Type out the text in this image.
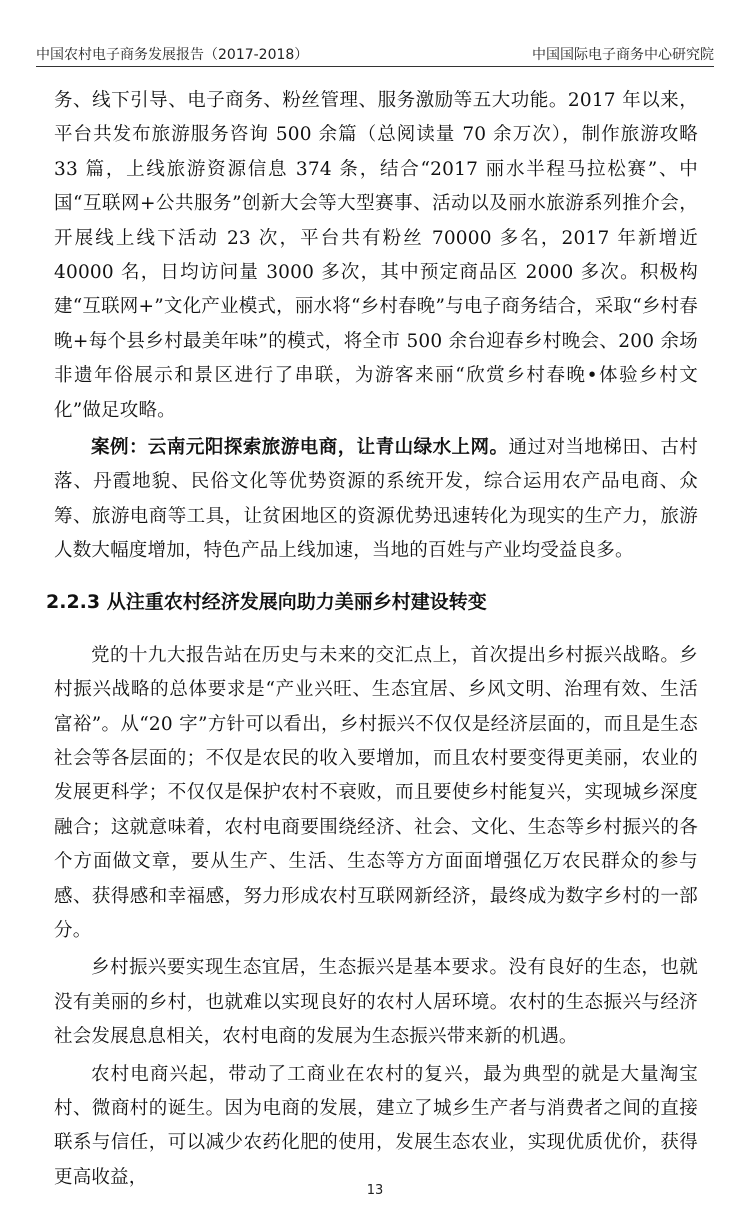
中国农村电子商务发展报告（2017-2018）	中国国际电子商务中心研究院

务、线下引导、电子商务、粉丝管理、服务激励等五大功能。2017 年以来，平台共发布旅游服务咨询 500 余篇（总阅读量 70 余万次），制作旅游攻略 33 篇，上线旅游资源信息 374 条，结合“2017 丽水半程马拉松赛”、中国“互联网+公共服务”创新大会等大型赛事、活动以及丽水旅游系列推介会，开展线上线下活动 23 次，平台共有粉丝 70000 多名，2017 年新增近 40000 名，日均访问量 3000 多次，其中预定商品区 2000 多次。积极构建“互联网+”文化产业模式，丽水将“乡村春晚”与电子商务结合，采取“乡村春晚+每个县乡村最美年味”的模式，将全市 500 余台迎春乡村晚会、200 余场非遗年俗展示和景区进行了串联，为游客来丽“欣赏乡村春晚•体验乡村文化”做足攻略。

案例：云南元阳探索旅游电商，让青山绿水上网。通过对当地梯田、古村落、丹霞地貌、民俗文化等优势资源的系统开发，综合运用农产品电商、众筹、旅游电商等工具，让贫困地区的资源优势迅速转化为现实的生产力，旅游人数大幅度增加，特色产品上线加速，当地的百姓与产业均受益良多。

2.2.3 从注重农村经济发展向助力美丽乡村建设转变

党的十九大报告站在历史与未来的交汇点上，首次提出乡村振兴战略。乡村振兴战略的总体要求是“产业兴旺、生态宜居、乡风文明、治理有效、生活富裕”。从“20 字”方针可以看出，乡村振兴不仅仅是经济层面的，而且是生态社会等各层面的；不仅是农民的收入要增加，而且农村要变得更美丽，农业的发展更科学；不仅仅是保护农村不衰败，而且要使乡村能复兴，实现城乡深度融合；这就意味着，农村电商要围绕经济、社会、文化、生态等乡村振兴的各个方面做文章，要从生产、生活、生态等方方面面增强亿万农民群众的参与感、获得感和幸福感，努力形成农村互联网新经济，最终成为数字乡村的一部分。

乡村振兴要实现生态宜居，生态振兴是基本要求。没有良好的生态，也就没有美丽的乡村，也就难以实现良好的农村人居环境。农村的生态振兴与经济社会发展息息相关，农村电商的发展为生态振兴带来新的机遇。

农村电商兴起，带动了工商业在农村的复兴，最为典型的就是大量淘宝村、微商村的诞生。因为电商的发展，建立了城乡生产者与消费者之间的直接联系与信任，可以减少农药化肥的使用，发展生态农业，实现优质优价，获得更高收益，

13
